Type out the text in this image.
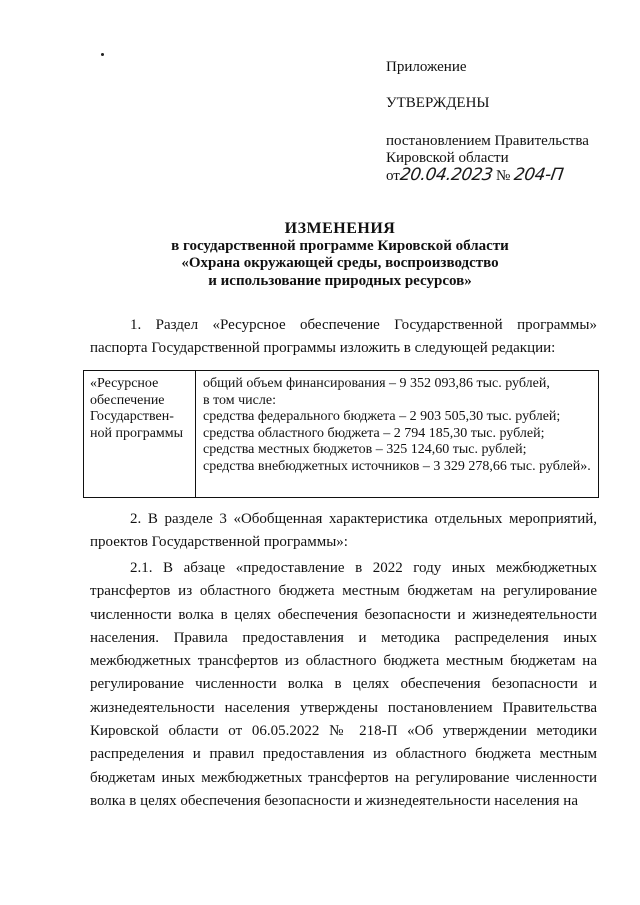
Приложение
УТВЕРЖДЕНЫ
постановлением Правительства
Кировской области
от20.04.2023 № 204-П
ИЗМЕНЕНИЯ
в государственной программе Кировской области
«Охрана окружающей среды, воспроизводство
и использование природных ресурсов»
1. Раздел «Ресурсное обеспечение Государственной программы» паспорта Государственной программы изложить в следующей редакции:
«Ресурсное обеспечение Государствен-ной программы
общий объем финансирования – 9 352 093,86 тыс. рублей,
в том числе:
средства федерального бюджета – 2 903 505,30 тыс. рублей;
средства областного бюджета – 2 794 185,30 тыс. рублей;
средства местных бюджетов – 325 124,60 тыс. рублей;
средства внебюджетных источников – 3 329 278,66 тыс. рублей».
2. В разделе 3 «Обобщенная характеристика отдельных мероприятий, проектов Государственной программы»:
2.1. В абзаце «предоставление в 2022 году иных межбюджетных трансфертов из областного бюджета местным бюджетам на регулирование численности волка в целях обеспечения безопасности и жизнедеятельности населения. Правила предоставления и методика распределения иных межбюджетных трансфертов из областного бюджета местным бюджетам на регулирование численности волка в целях обеспечения безопасности и жизнедеятельности населения утверждены постановлением Правительства Кировской области от 06.05.2022 № 218-П «Об утверждении методики распределения и правил предоставления из областного бюджета местным бюджетам иных межбюджетных трансфертов на регулирование численности волка в целях обеспечения безопасности и жизнедеятельности населения на
